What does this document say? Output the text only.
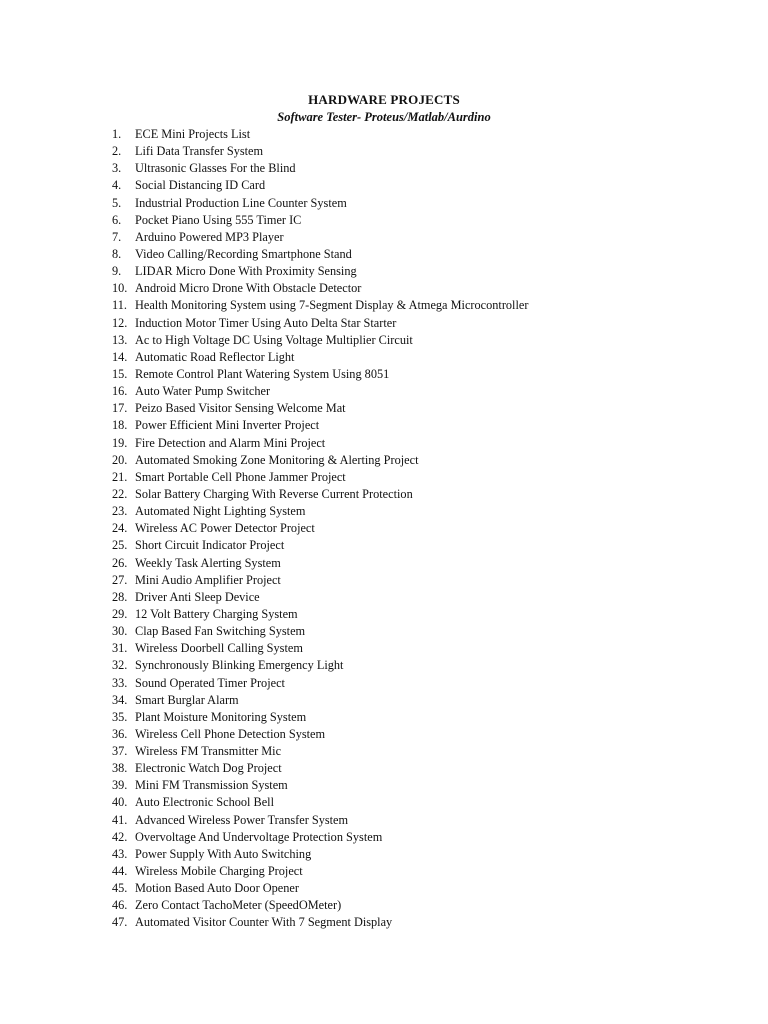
HARDWARE PROJECTS
Software Tester- Proteus/Matlab/Aurdino
1.	ECE Mini Projects List
2.	Lifi Data Transfer System
3.	Ultrasonic Glasses For the Blind
4.	Social Distancing ID Card
5.	Industrial Production Line Counter System
6.	Pocket Piano Using 555 Timer IC
7.	Arduino Powered MP3 Player
8.	Video Calling/Recording Smartphone Stand
9.	LIDAR Micro Done With Proximity Sensing
10. Android Micro Drone With Obstacle Detector
11. Health Monitoring System using 7-Segment Display & Atmega Microcontroller
12. Induction Motor Timer Using Auto Delta Star Starter
13. Ac to High Voltage DC Using Voltage Multiplier Circuit
14. Automatic Road Reflector Light
15. Remote Control Plant Watering System Using 8051
16. Auto Water Pump Switcher
17. Peizo Based Visitor Sensing Welcome Mat
18. Power Efficient Mini Inverter Project
19. Fire Detection and Alarm Mini Project
20. Automated Smoking Zone Monitoring & Alerting Project
21. Smart Portable Cell Phone Jammer Project
22. Solar Battery Charging With Reverse Current Protection
23. Automated Night Lighting System
24. Wireless AC Power Detector Project
25. Short Circuit Indicator Project
26. Weekly Task Alerting System
27. Mini Audio Amplifier Project
28. Driver Anti Sleep Device
29. 12 Volt Battery Charging System
30. Clap Based Fan Switching System
31. Wireless Doorbell Calling System
32. Synchronously Blinking Emergency Light
33. Sound Operated Timer Project
34. Smart Burglar Alarm
35. Plant Moisture Monitoring System
36. Wireless Cell Phone Detection System
37. Wireless FM Transmitter Mic
38. Electronic Watch Dog Project
39. Mini FM Transmission System
40. Auto Electronic School Bell
41. Advanced Wireless Power Transfer System
42. Overvoltage And Undervoltage Protection System
43. Power Supply With Auto Switching
44. Wireless Mobile Charging Project
45. Motion Based Auto Door Opener
46. Zero Contact TachoMeter (SpeedOMeter)
47. Automated Visitor Counter With 7 Segment Display
